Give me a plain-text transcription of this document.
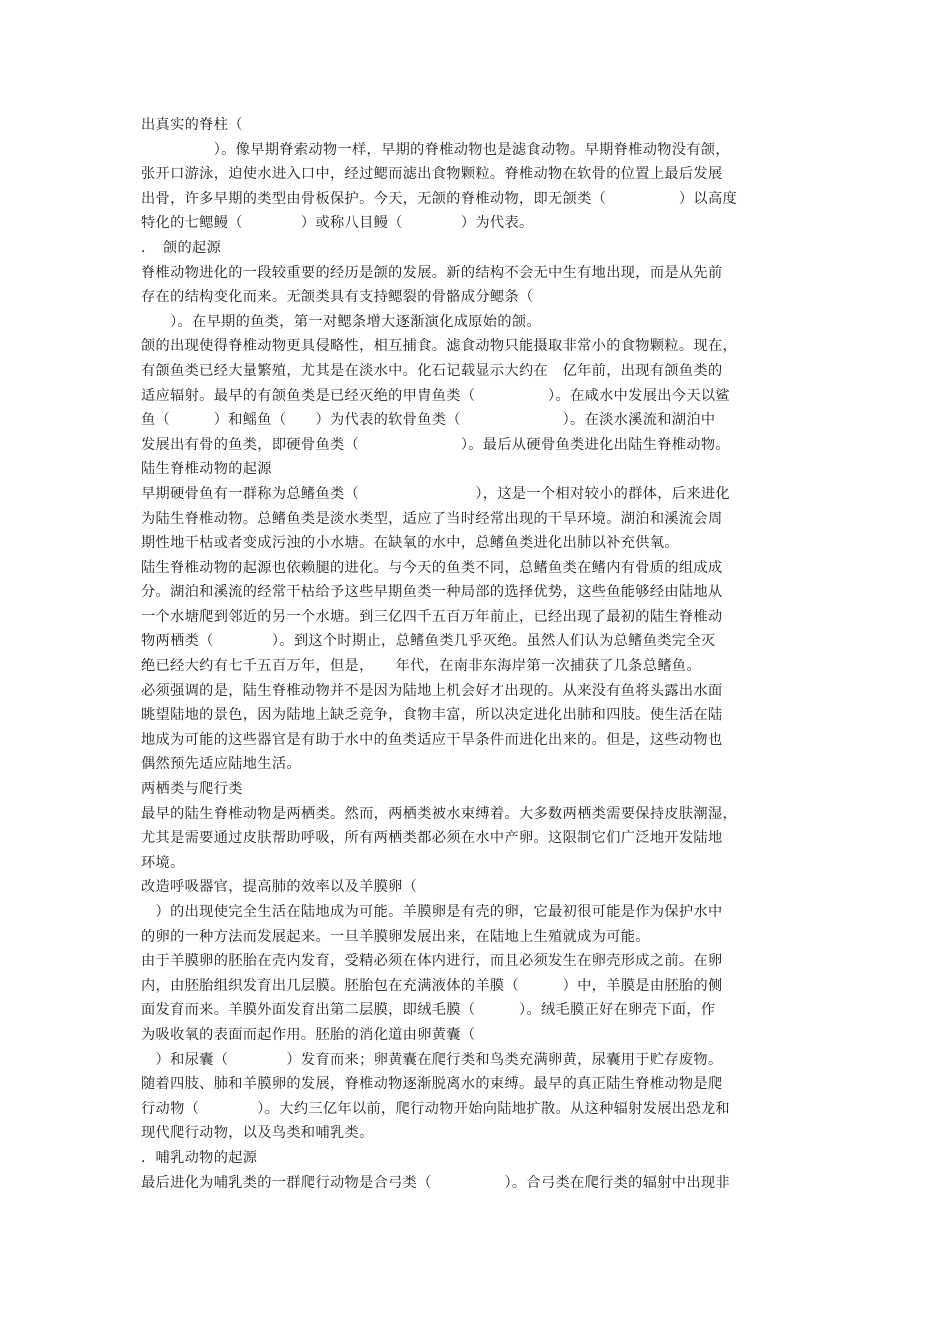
出真实的脊柱（
　　　　　）。像早期脊索动物一样，早期的脊椎动物也是滤食动物。早期脊椎动物没有颌，
张开口游泳，迫使水进入口中，经过鳃而滤出食物颗粒。脊椎动物在软骨的位置上最后发展
出骨，许多早期的类型由骨板保护。今天，无颌的脊椎动物，即无颌类（　　　　　）以高度
特化的七鳃鳗（　　　　）或称八目鳗（　　　　）为代表。
．　颌的起源
脊椎动物进化的一段较重要的经历是颌的发展。新的结构不会无中生有地出现，而是从先前
存在的结构变化而来。无颌类具有支持鳃裂的骨骼成分鳃条（
　　）。在早期的鱼类，第一对鳃条增大逐渐演化成原始的颌。
颌的出现使得脊椎动物更具侵略性，相互捕食。滤食动物只能摄取非常小的食物颗粒。现在，
有颌鱼类已经大量繁殖，尤其是在淡水中。化石记载显示大约在　亿年前，出现有颌鱼类的
适应辐射。最早的有颌鱼类是已经灭绝的甲胄鱼类（　　　　　）。在咸水中发展出今天以鲨
鱼（　　　）和鳐鱼（　　）为代表的软骨鱼类（　　　　　　　）。在淡水溪流和湖泊中
发展出有骨的鱼类，即硬骨鱼类（　　　　　　　）。最后从硬骨鱼类进化出陆生脊椎动物。
陆生脊椎动物的起源
早期硬骨鱼有一群称为总鳍鱼类（　　　　　　　　），这是一个相对较小的群体，后来进化
为陆生脊椎动物。总鳍鱼类是淡水类型，适应了当时经常出现的干旱环境。湖泊和溪流会周
期性地干枯或者变成污浊的小水塘。在缺氧的水中，总鳍鱼类进化出肺以补充供氧。
陆生脊椎动物的起源也依赖腿的进化。与今天的鱼类不同，总鳍鱼类在鳍内有骨质的组成成
分。湖泊和溪流的经常干枯给予这些早期鱼类一种局部的选择优势，这些鱼能够经由陆地从
一个水塘爬到邻近的另一个水塘。到三亿四千五百万年前止，已经出现了最初的陆生脊椎动
物两栖类（　　　　）。到这个时期止，总鳍鱼类几乎灭绝。虽然人们认为总鳍鱼类完全灭
绝已经大约有七千五百万年，但是，　　年代，在南非东海岸第一次捕获了几条总鳍鱼。
必须强调的是，陆生脊椎动物并不是因为陆地上机会好才出现的。从来没有鱼将头露出水面
眺望陆地的景色，因为陆地上缺乏竞争，食物丰富，所以决定进化出肺和四肢。使生活在陆
地成为可能的这些器官是有助于水中的鱼类适应干旱条件而进化出来的。但是，这些动物也
偶然预先适应陆地生活。
两栖类与爬行类
最早的陆生脊椎动物是两栖类。然而，两栖类被水束缚着。大多数两栖类需要保持皮肤潮湿，
尤其是需要通过皮肤帮助呼吸，所有两栖类都必须在水中产卵。这限制它们广泛地开发陆地
环境。
改造呼吸器官，提高肺的效率以及羊膜卵（
　）的出现使完全生活在陆地成为可能。羊膜卵是有壳的卵，它最初很可能是作为保护水中
的卵的一种方法而发展起来。一旦羊膜卵发展出来，在陆地上生殖就成为可能。
由于羊膜卵的胚胎在壳内发育，受精必须在体内进行，而且必须发生在卵壳形成之前。在卵
内，由胚胎组织发育出几层膜。胚胎包在充满液体的羊膜（　　　）中，羊膜是由胚胎的侧
面发育而来。羊膜外面发育出第二层膜，即绒毛膜（　　　）。绒毛膜正好在卵壳下面，作
为吸收氧的表面而起作用。胚胎的消化道由卵黄囊（
　）和尿囊（　　　　）发育而来；卵黄囊在爬行类和鸟类充满卵黄，尿囊用于贮存废物。
随着四肢、肺和羊膜卵的发展，脊椎动物逐渐脱离水的束缚。最早的真正陆生脊椎动物是爬
行动物（　　　　）。大约三亿年以前，爬行动物开始向陆地扩散。从这种辐射发展出恐龙和
现代爬行动物，以及鸟类和哺乳类。
．哺乳动物的起源
最后进化为哺乳类的一群爬行动物是合弓类（　　　　　）。合弓类在爬行类的辐射中出现非
